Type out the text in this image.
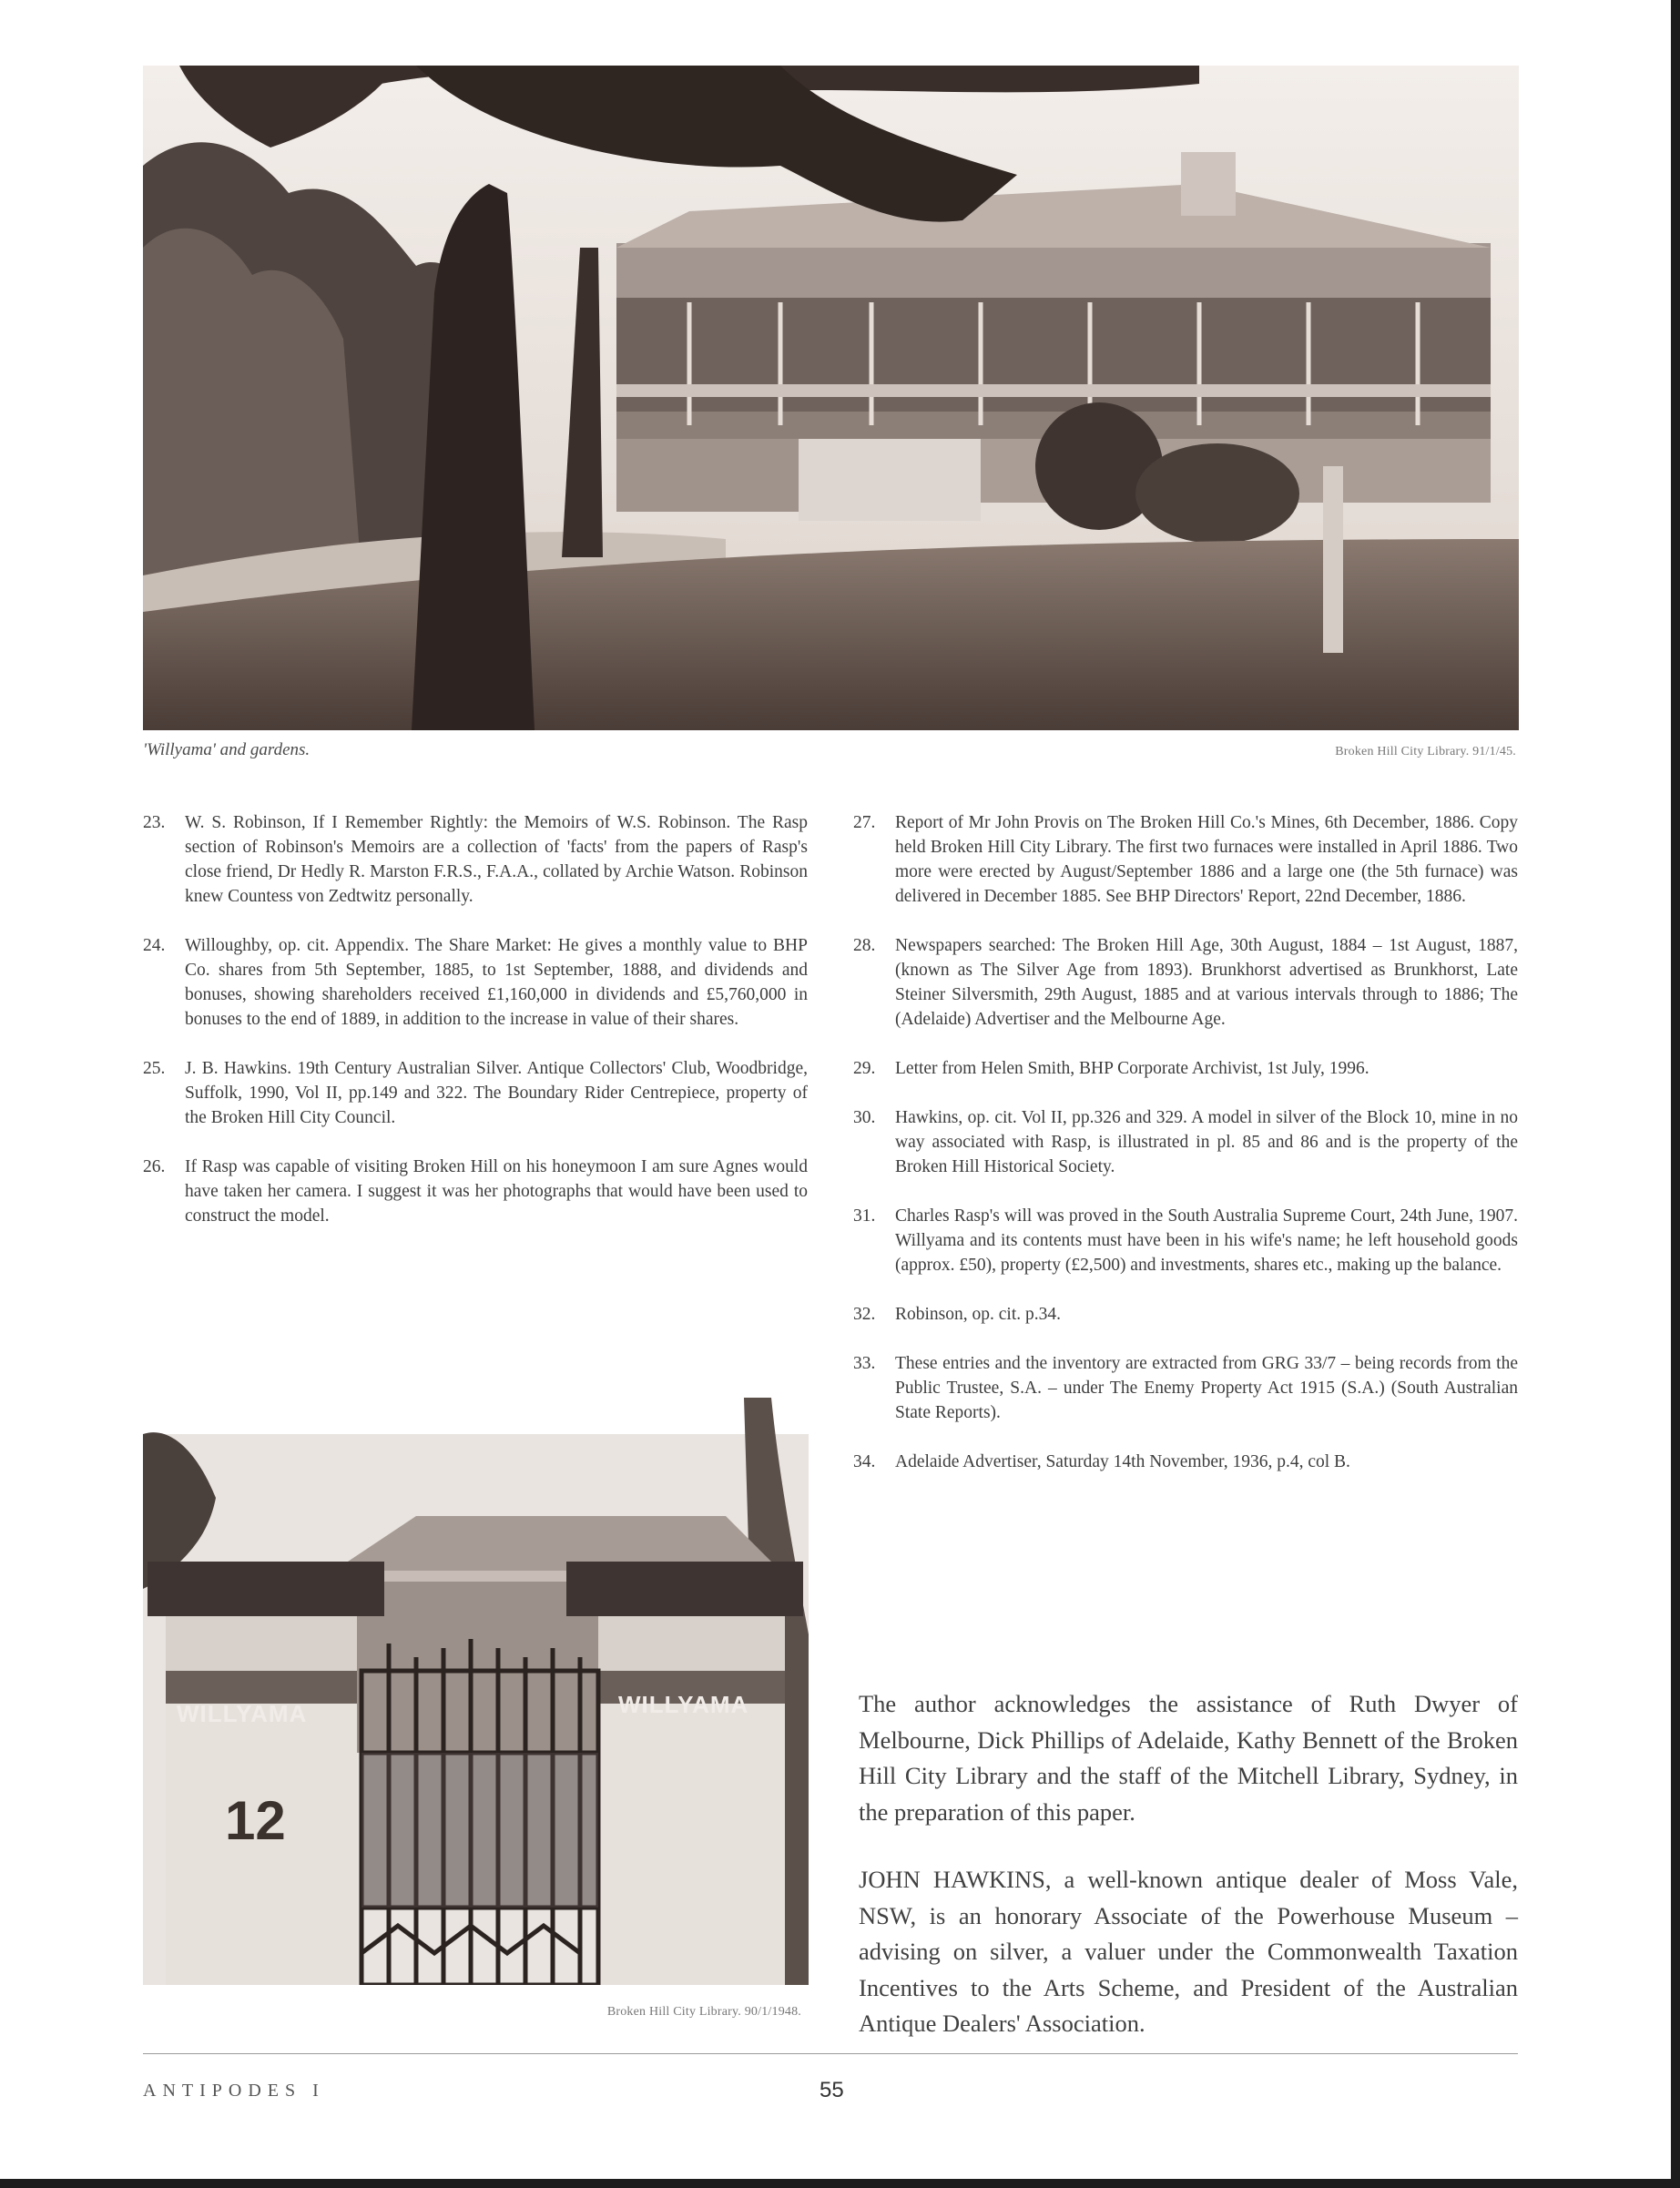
'Willyama' and gardens.	Broken Hill City Library. 91/1/45.
23. W. S. Robinson, If I Remember Rightly: the Memoirs of W.S. Robinson. The Rasp section of Robinson's Memoirs are a collection of 'facts' from the papers of Rasp's close friend, Dr Hedly R. Marston F.R.S., F.A.A., collated by Archie Watson. Robinson knew Countess von Zedtwitz personally.
24. Willoughby, op. cit. Appendix. The Share Market: He gives a monthly value to BHP Co. shares from 5th September, 1885, to 1st September, 1888, and dividends and bonuses, showing shareholders received £1,160,000 in dividends and £5,760,000 in bonuses to the end of 1889, in addition to the increase in value of their shares.
25. J. B. Hawkins. 19th Century Australian Silver. Antique Collectors' Club, Woodbridge, Suffolk, 1990, Vol II, pp.149 and 322. The Boundary Rider Centrepiece, property of the Broken Hill City Council.
26. If Rasp was capable of visiting Broken Hill on his honeymoon I am sure Agnes would have taken her camera. I suggest it was her photographs that would have been used to construct the model.
27. Report of Mr John Provis on The Broken Hill Co.'s Mines, 6th December, 1886. Copy held Broken Hill City Library. The first two furnaces were installed in April 1886. Two more were erected by August/September 1886 and a large one (the 5th furnace) was delivered in December 1885. See BHP Directors' Report, 22nd December, 1886.
28. Newspapers searched: The Broken Hill Age, 30th August, 1884 – 1st August, 1887, (known as The Silver Age from 1893). Brunkhorst advertised as Brunkhorst, Late Steiner Silversmith, 29th August, 1885 and at various intervals through to 1886; The (Adelaide) Advertiser and the Melbourne Age.
29. Letter from Helen Smith, BHP Corporate Archivist, 1st July, 1996.
30. Hawkins, op. cit. Vol II, pp.326 and 329. A model in silver of the Block 10, mine in no way associated with Rasp, is illustrated in pl. 85 and 86 and is the property of the Broken Hill Historical Society.
31. Charles Rasp's will was proved in the South Australia Supreme Court, 24th June, 1907. Willyama and its contents must have been in his wife's name; he left household goods (approx. £50), property (£2,500) and investments, shares etc., making up the balance.
32. Robinson, op. cit. p.34.
33. These entries and the inventory are extracted from GRG 33/7 – being records from the Public Trustee, S.A. – under The Enemy Property Act 1915 (S.A.) (South Australian State Reports).
34. Adelaide Advertiser, Saturday 14th November, 1936, p.4, col B.
WILLYAMA	WILLYAMA
12
Broken Hill City Library. 90/1/1948.
The author acknowledges the assistance of Ruth Dwyer of Melbourne, Dick Phillips of Adelaide, Kathy Bennett of the Broken Hill City Library and the staff of the Mitchell Library, Sydney, in the preparation of this paper.
JOHN HAWKINS, a well-known antique dealer of Moss Vale, NSW, is an honorary Associate of the Powerhouse Museum – advising on silver, a valuer under the Commonwealth Taxation Incentives to the Arts Scheme, and President of the Australian Antique Dealers' Association.
ANTIPODES I	55
